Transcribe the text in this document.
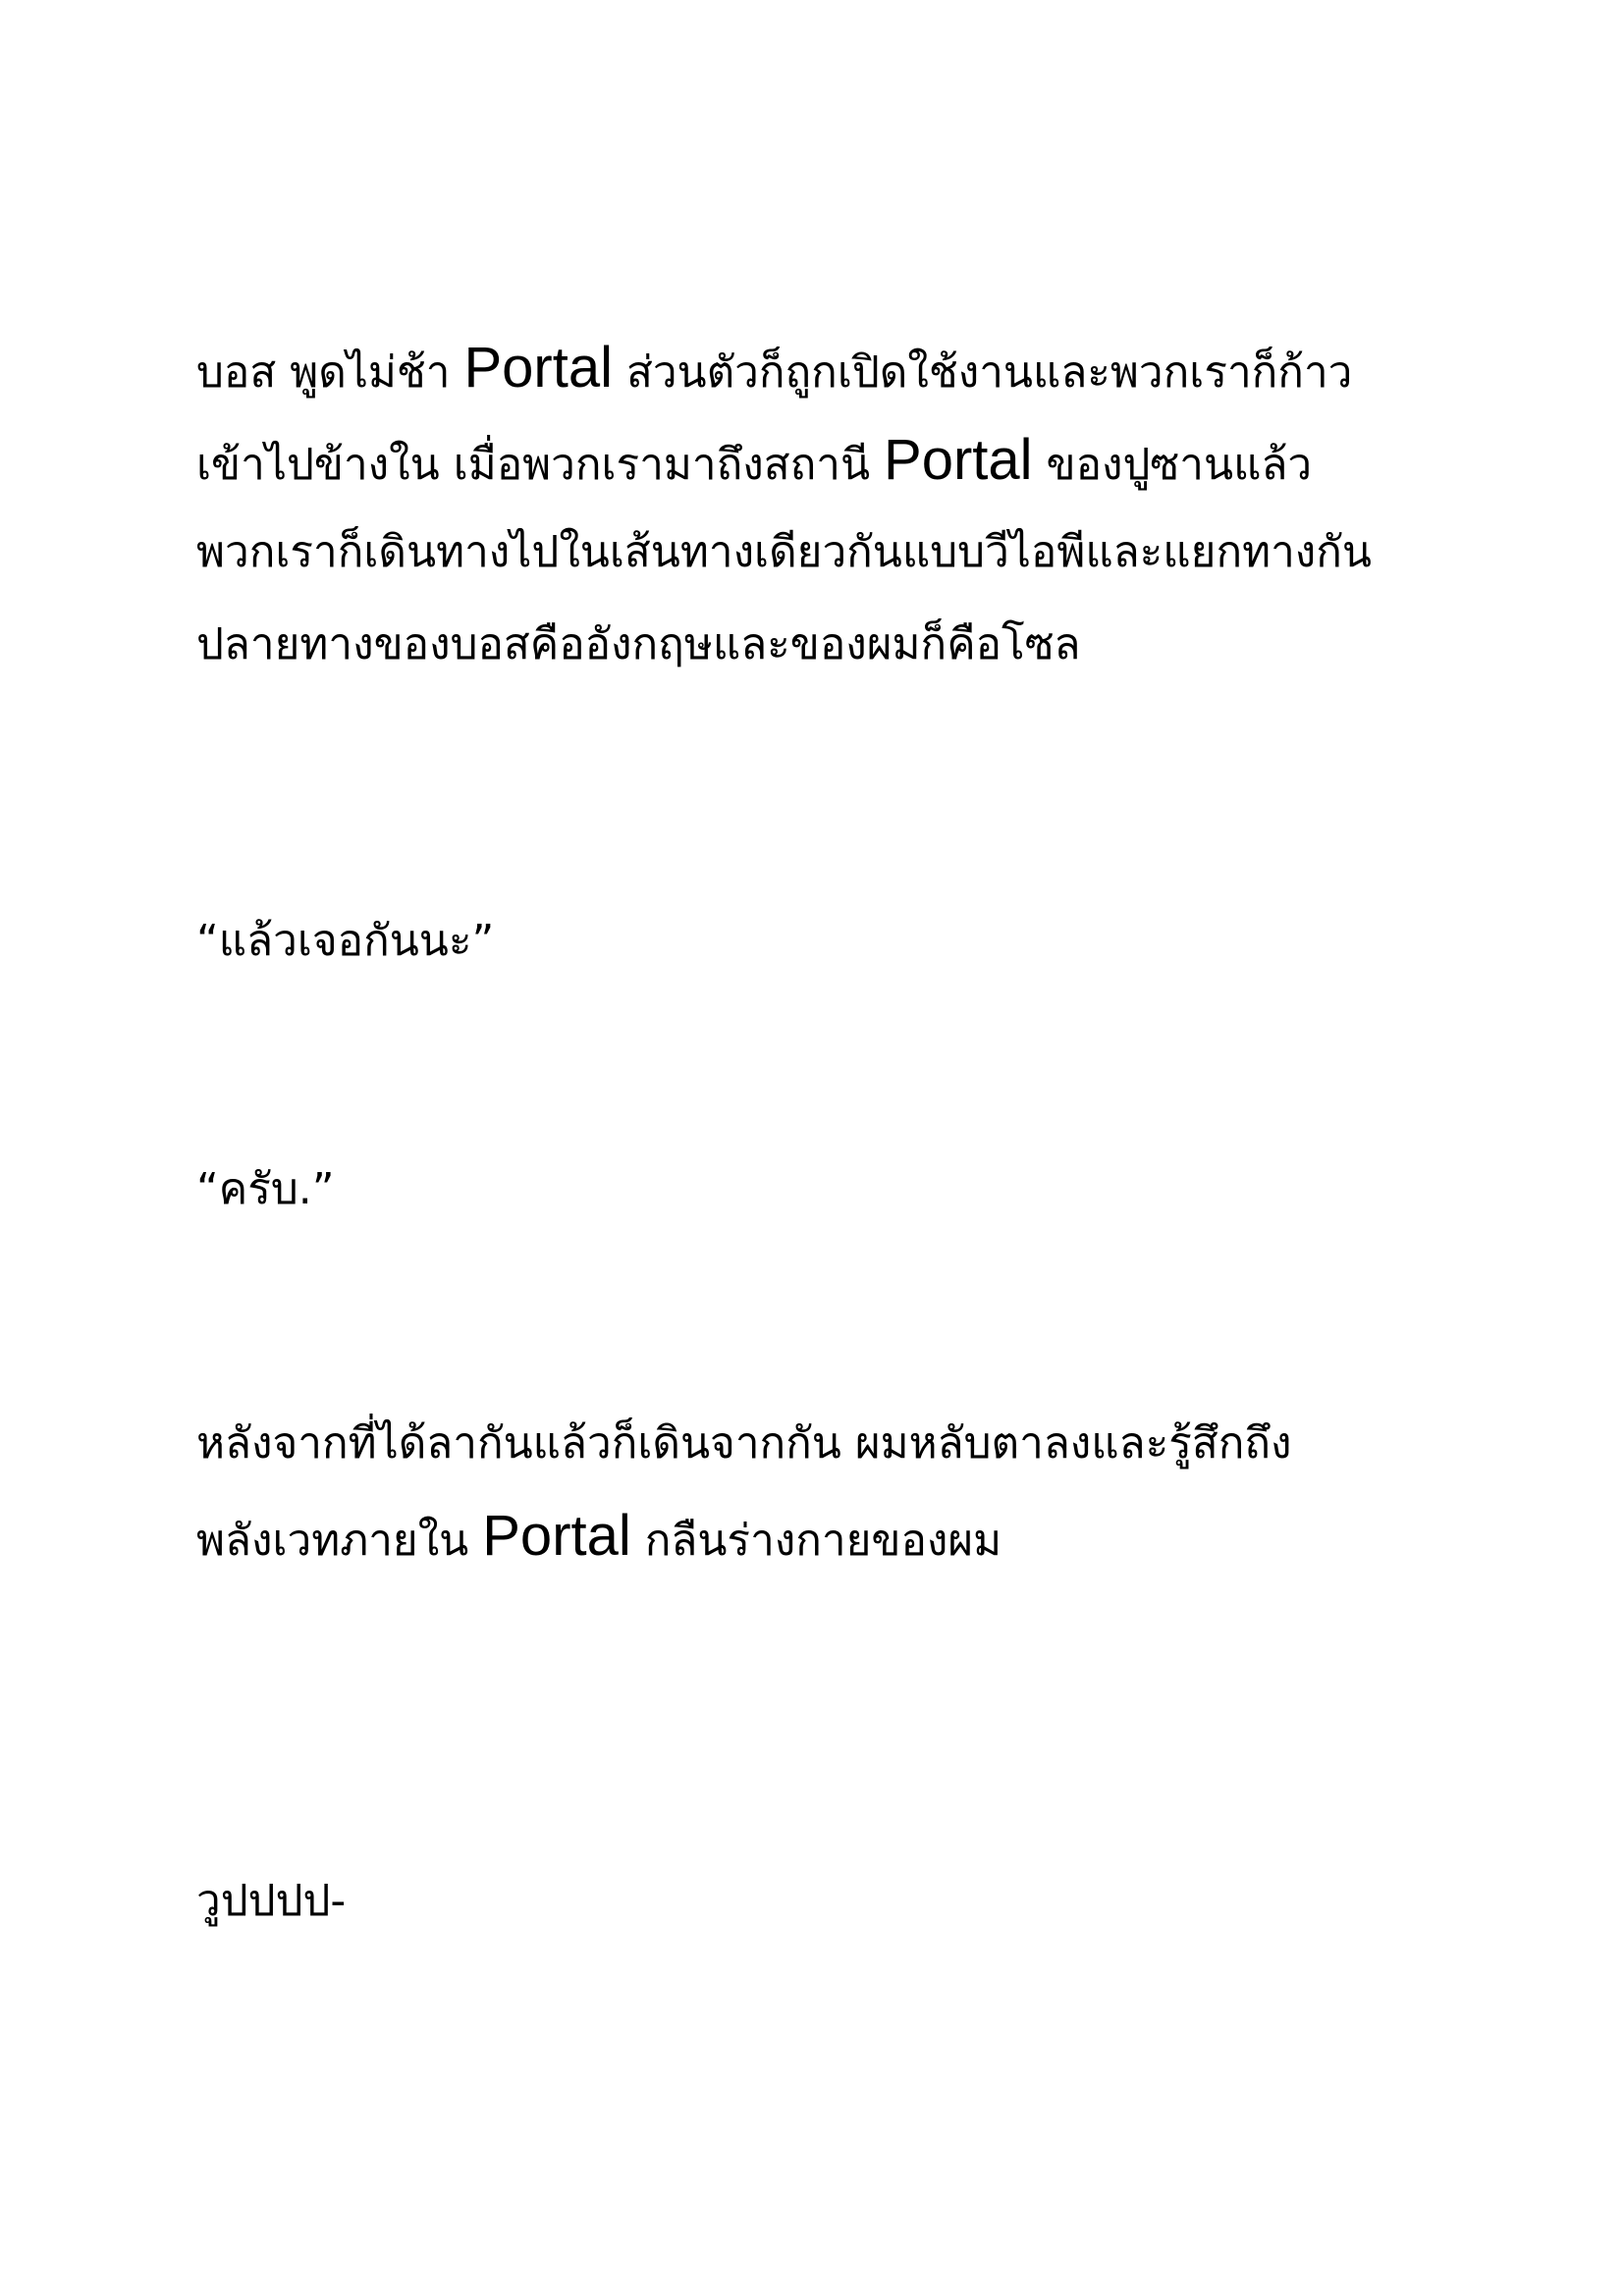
บอส พูดไม่ช้า Portal ส่วนตัวก็ถูกเปิดใช้งานและพวกเราก็ก้าว
เข้าไปข้างใน เมื่อพวกเรามาถึงสถานี Portal ของปูซานแล้ว
พวกเราก็เดินทางไปในเส้นทางเดียวกันแบบวีไอพีและแยกทางกัน
ปลายทางของบอสคืออังกฤษและของผมก็คือโซล

“แล้วเจอกันนะ”

“ครับ.”

หลังจากที่ได้ลากันแล้วก็เดินจากกัน ผมหลับตาลงและรู้สึกถึง
พลังเวทภายใน Portal กลืนร่างกายของผม

วูปปปป-
